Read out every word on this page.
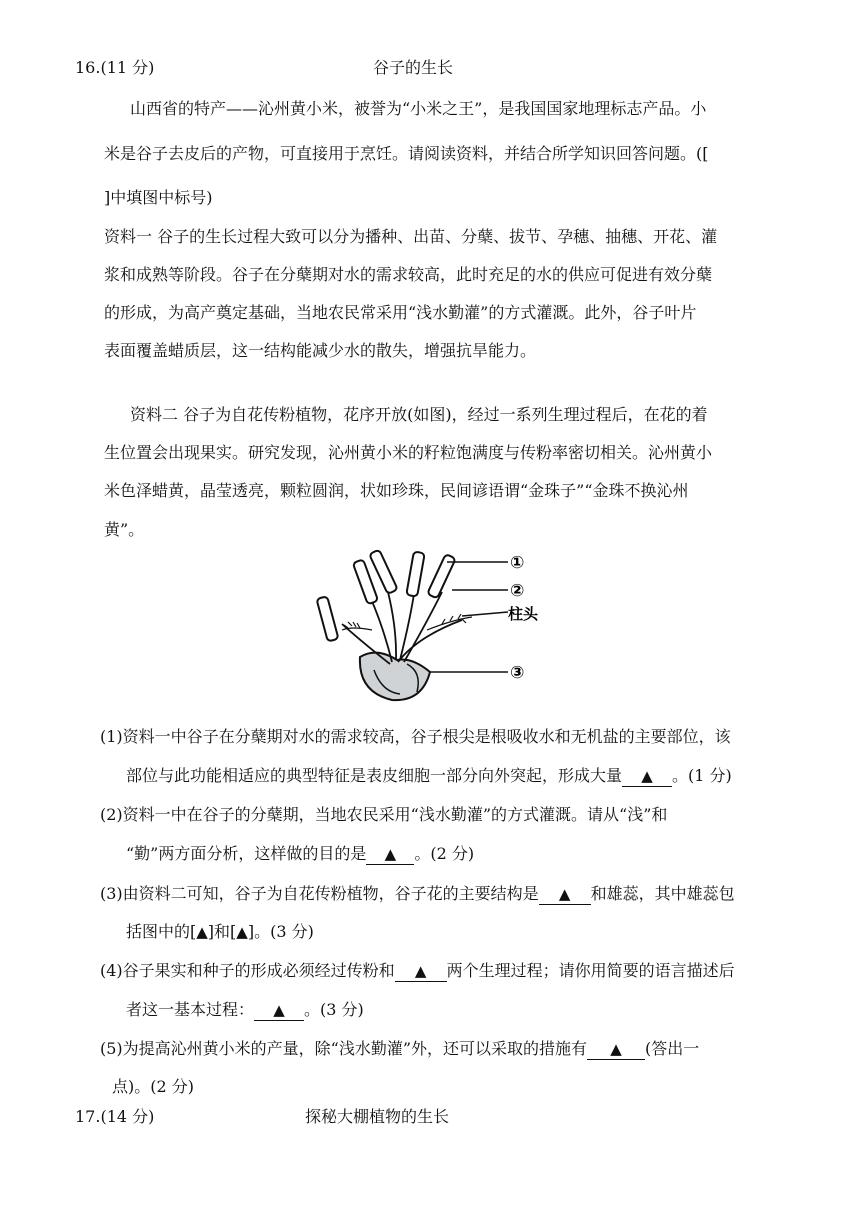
16.(11 分)	谷子的生长
山西省的特产——沁州黄小米，被誉为“小米之王”，是我国国家地理标志产品。小
米是谷子去皮后的产物，可直接用于烹饪。请阅读资料，并结合所学知识回答问题。([
]中填图中标号)
资料一 谷子的生长过程大致可以分为播种、出苗、分蘖、拔节、孕穗、抽穗、开花、灌
浆和成熟等阶段。谷子在分蘖期对水的需求较高，此时充足的水的供应可促进有效分蘖
的形成，为高产奠定基础，当地农民常采用“浅水勤灌”的方式灌溉。此外，谷子叶片
表面覆盖蜡质层，这一结构能减少水的散失，增强抗旱能力。
资料二 谷子为自花传粉植物，花序开放(如图)，经过一系列生理过程后，在花的着
生位置会出现果实。研究发现，沁州黄小米的籽粒饱满度与传粉率密切相关。沁州黄小
米色泽蜡黄，晶莹透亮，颗粒圆润，状如珍珠，民间谚语谓“金珠子”“金珠不换沁州
黄”。
①
②
柱头
③
(1)资料一中谷子在分蘖期对水的需求较高，谷子根尖是根吸收水和无机盐的主要部位，该
部位与此功能相适应的典型特征是表皮细胞一部分向外突起，形成大量 ▲ 。(1 分)
(2)资料一中在谷子的分蘖期，当地农民采用“浅水勤灌”的方式灌溉。请从“浅”和
“勤”两方面分析，这样做的目的是 ▲ 。(2 分)
(3)由资料二可知，谷子为自花传粉植物，谷子花的主要结构是 ▲ 和雄蕊，其中雄蕊包
括图中的[▲]和[▲]。(3 分)
(4)谷子果实和种子的形成必须经过传粉和 ▲ 两个生理过程；请你用简要的语言描述后
者这一基本过程： ▲ 。(3 分)
(5)为提高沁州黄小米的产量，除“浅水勤灌”外，还可以采取的措施有 ▲ (答出一
点)。(2 分)
17.(14 分)	探秘大棚植物的生长
